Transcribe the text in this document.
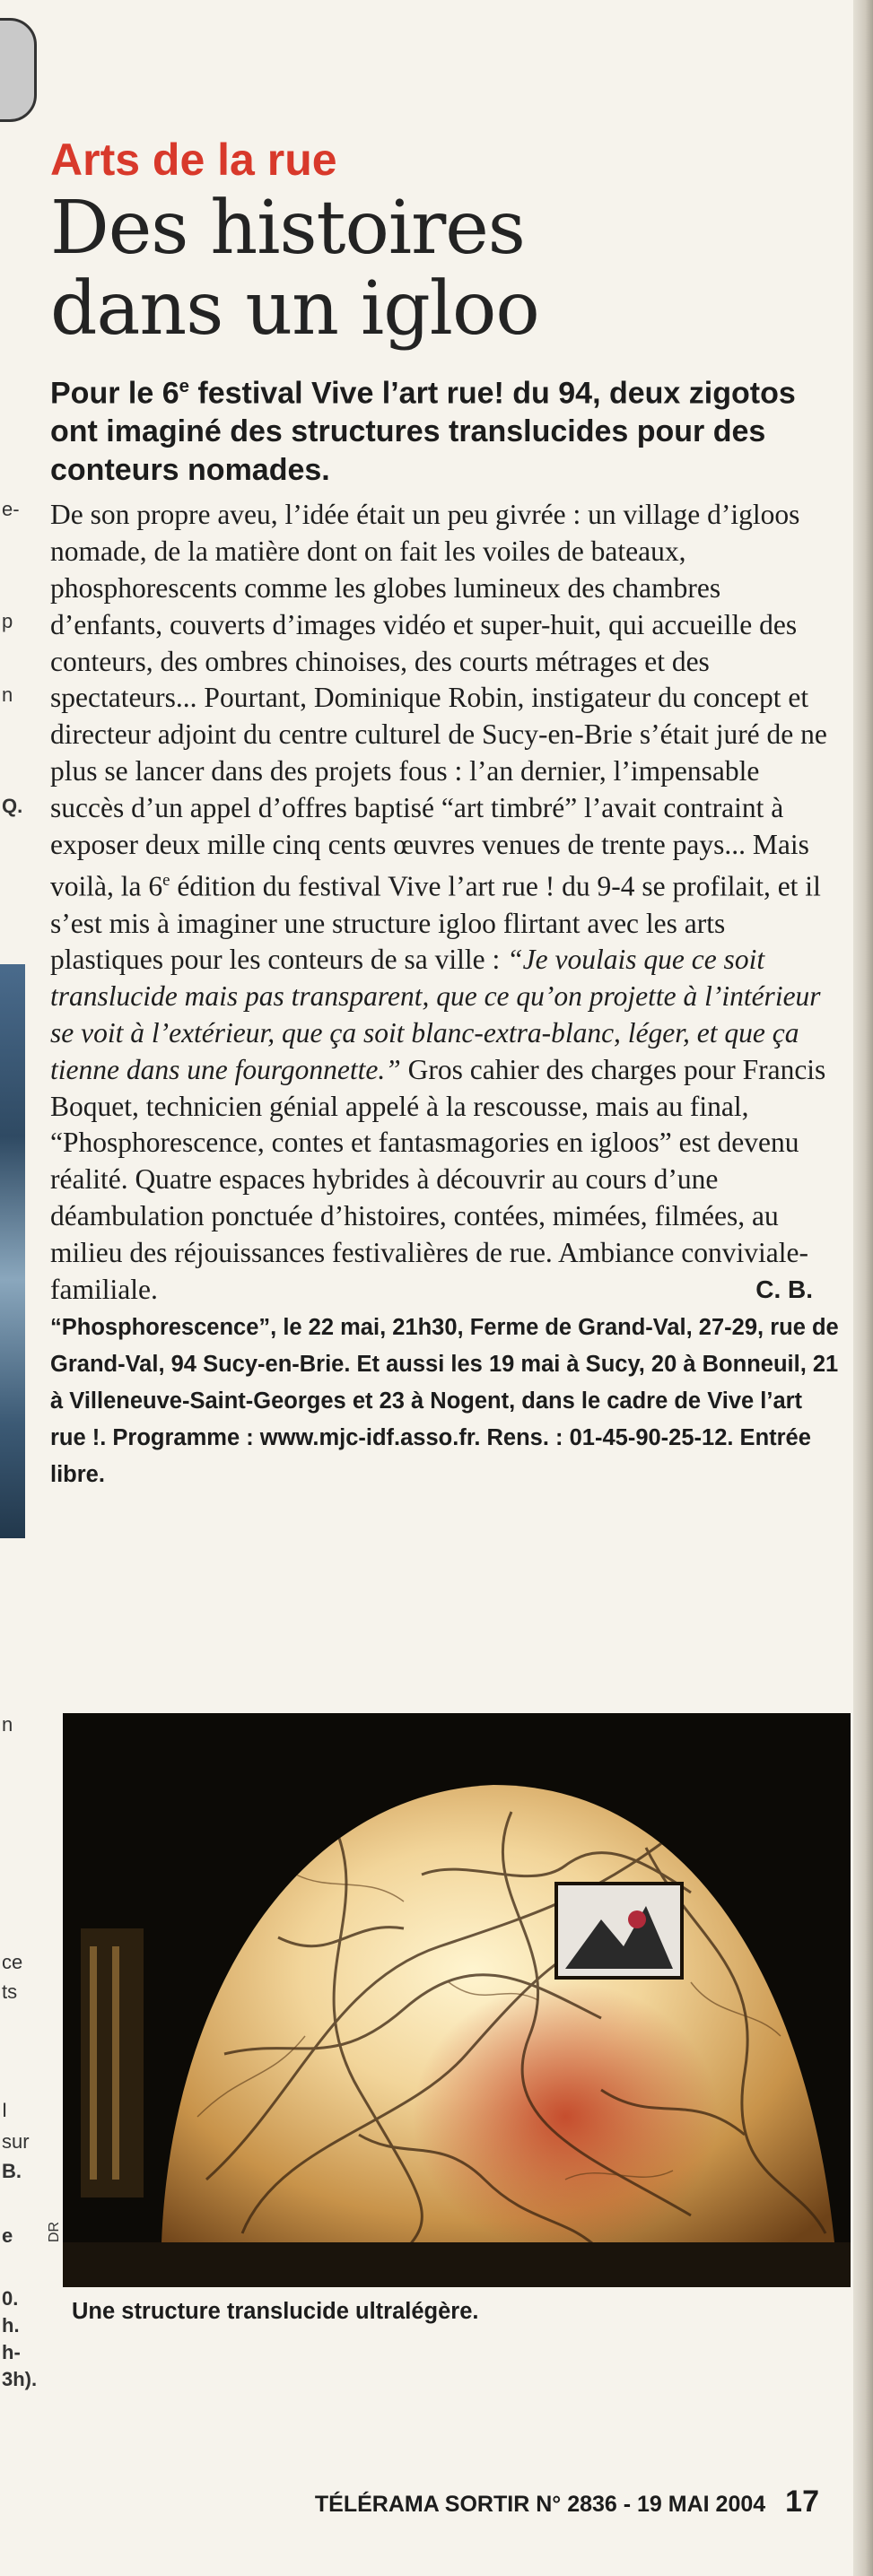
e-
p
n
Q.
n
ce
ts
I
sur
B.
e
0.
h.
h-
3h).
Arts de la rue
Des histoires
dans un igloo

Pour le 6e festival Vive l’art rue! du 94, deux zigotos ont imaginé des structures translucides pour des conteurs nomades.

De son propre aveu, l’idée était un peu givrée : un village d’igloos nomade, de la matière dont on fait les voiles de bateaux, phosphorescents comme les globes lumineux des chambres d’enfants, couverts d’images vidéo et super-huit, qui accueille des conteurs, des ombres chinoises, des courts métrages et des spectateurs... Pourtant, Dominique Robin, instigateur du concept et directeur adjoint du centre culturel de Sucy-en-Brie s’était juré de ne plus se lancer dans des projets fous : l’an dernier, l’impensable succès d’un appel d’offres baptisé “art timbré” l’avait contraint à exposer deux mille cinq cents œuvres venues de trente pays... Mais voilà, la 6e édition du festival Vive l’art rue ! du 9-4 se profilait, et il s’est mis à imaginer une structure igloo flirtant avec les arts plastiques pour les conteurs de sa ville : “Je voulais que ce soit translucide mais pas transparent, que ce qu’on projette à l’intérieur se voit à l’extérieur, que ça soit blanc-extra-blanc, léger, et que ça tienne dans une fourgonnette.” Gros cahier des charges pour Francis Boquet, technicien génial appelé à la rescousse, mais au final, “Phosphorescence, contes et fantasmagories en igloos” est devenu réalité. Quatre espaces hybrides à découvrir au cours d’une déambulation ponctuée d’histoires, contées, mimées, filmées, au milieu des réjouissances festivalières de rue. Ambiance conviviale-familiale.	C. B.

“Phosphorescence”, le 22 mai, 21h30, Ferme de Grand-Val, 27-29, rue de Grand-Val, 94 Sucy-en-Brie. Et aussi les 19 mai à Sucy, 20 à Bonneuil, 21 à Villeneuve-Saint-Georges et 23 à Nogent, dans le cadre de Vive l’art rue !. Programme : www.mjc-idf.asso.fr. Rens. : 01-45-90-25-12. Entrée libre.

DR
Une structure translucide ultralégère.
TÉLÉRAMA SORTIR N° 2836 - 19 MAI 2004 17
